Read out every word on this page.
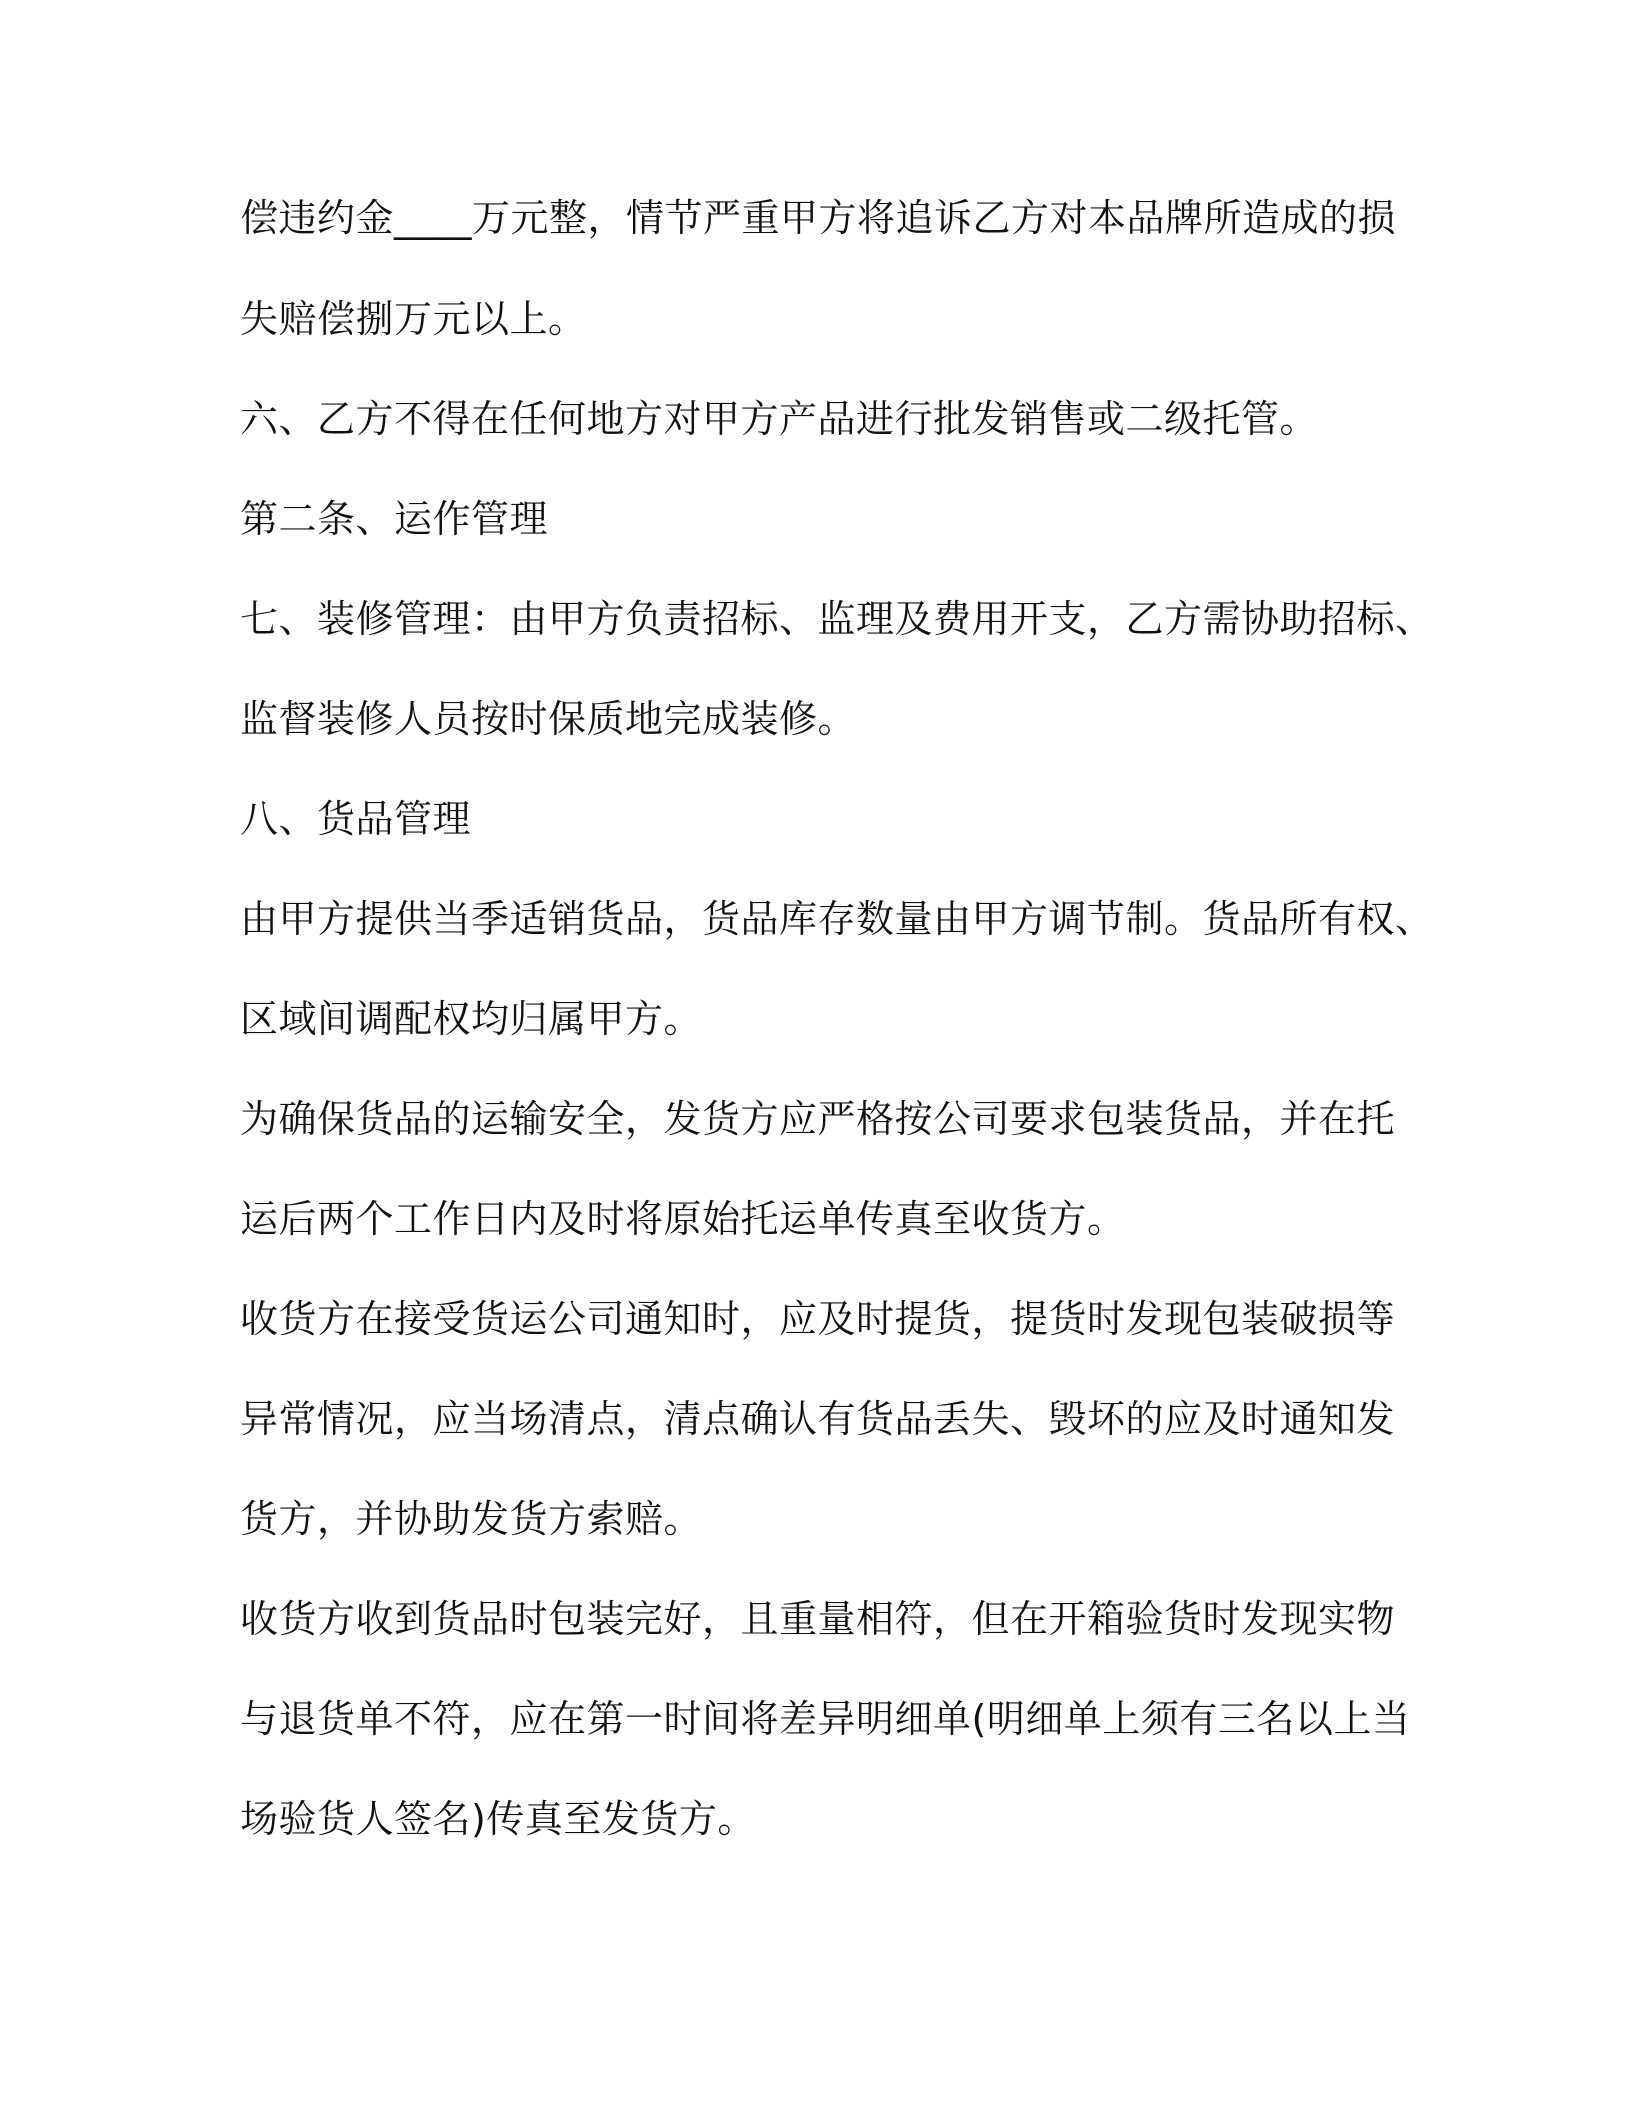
偿违约金____万元整，情节严重甲方将追诉乙方对本品牌所造成的损
失赔偿捌万元以上。
六、乙方不得在任何地方对甲方产品进行批发销售或二级托管。
第二条、运作管理
七、装修管理：由甲方负责招标、监理及费用开支，乙方需协助招标、
监督装修人员按时保质地完成装修。
八、货品管理
由甲方提供当季适销货品，货品库存数量由甲方调节制。货品所有权、
区域间调配权均归属甲方。
为确保货品的运输安全，发货方应严格按公司要求包装货品，并在托
运后两个工作日内及时将原始托运单传真至收货方。
收货方在接受货运公司通知时，应及时提货，提货时发现包装破损等
异常情况，应当场清点，清点确认有货品丢失、毁坏的应及时通知发
货方，并协助发货方索赔。
收货方收到货品时包装完好，且重量相符，但在开箱验货时发现实物
与退货单不符，应在第一时间将差异明细单(明细单上须有三名以上当
场验货人签名)传真至发货方。
